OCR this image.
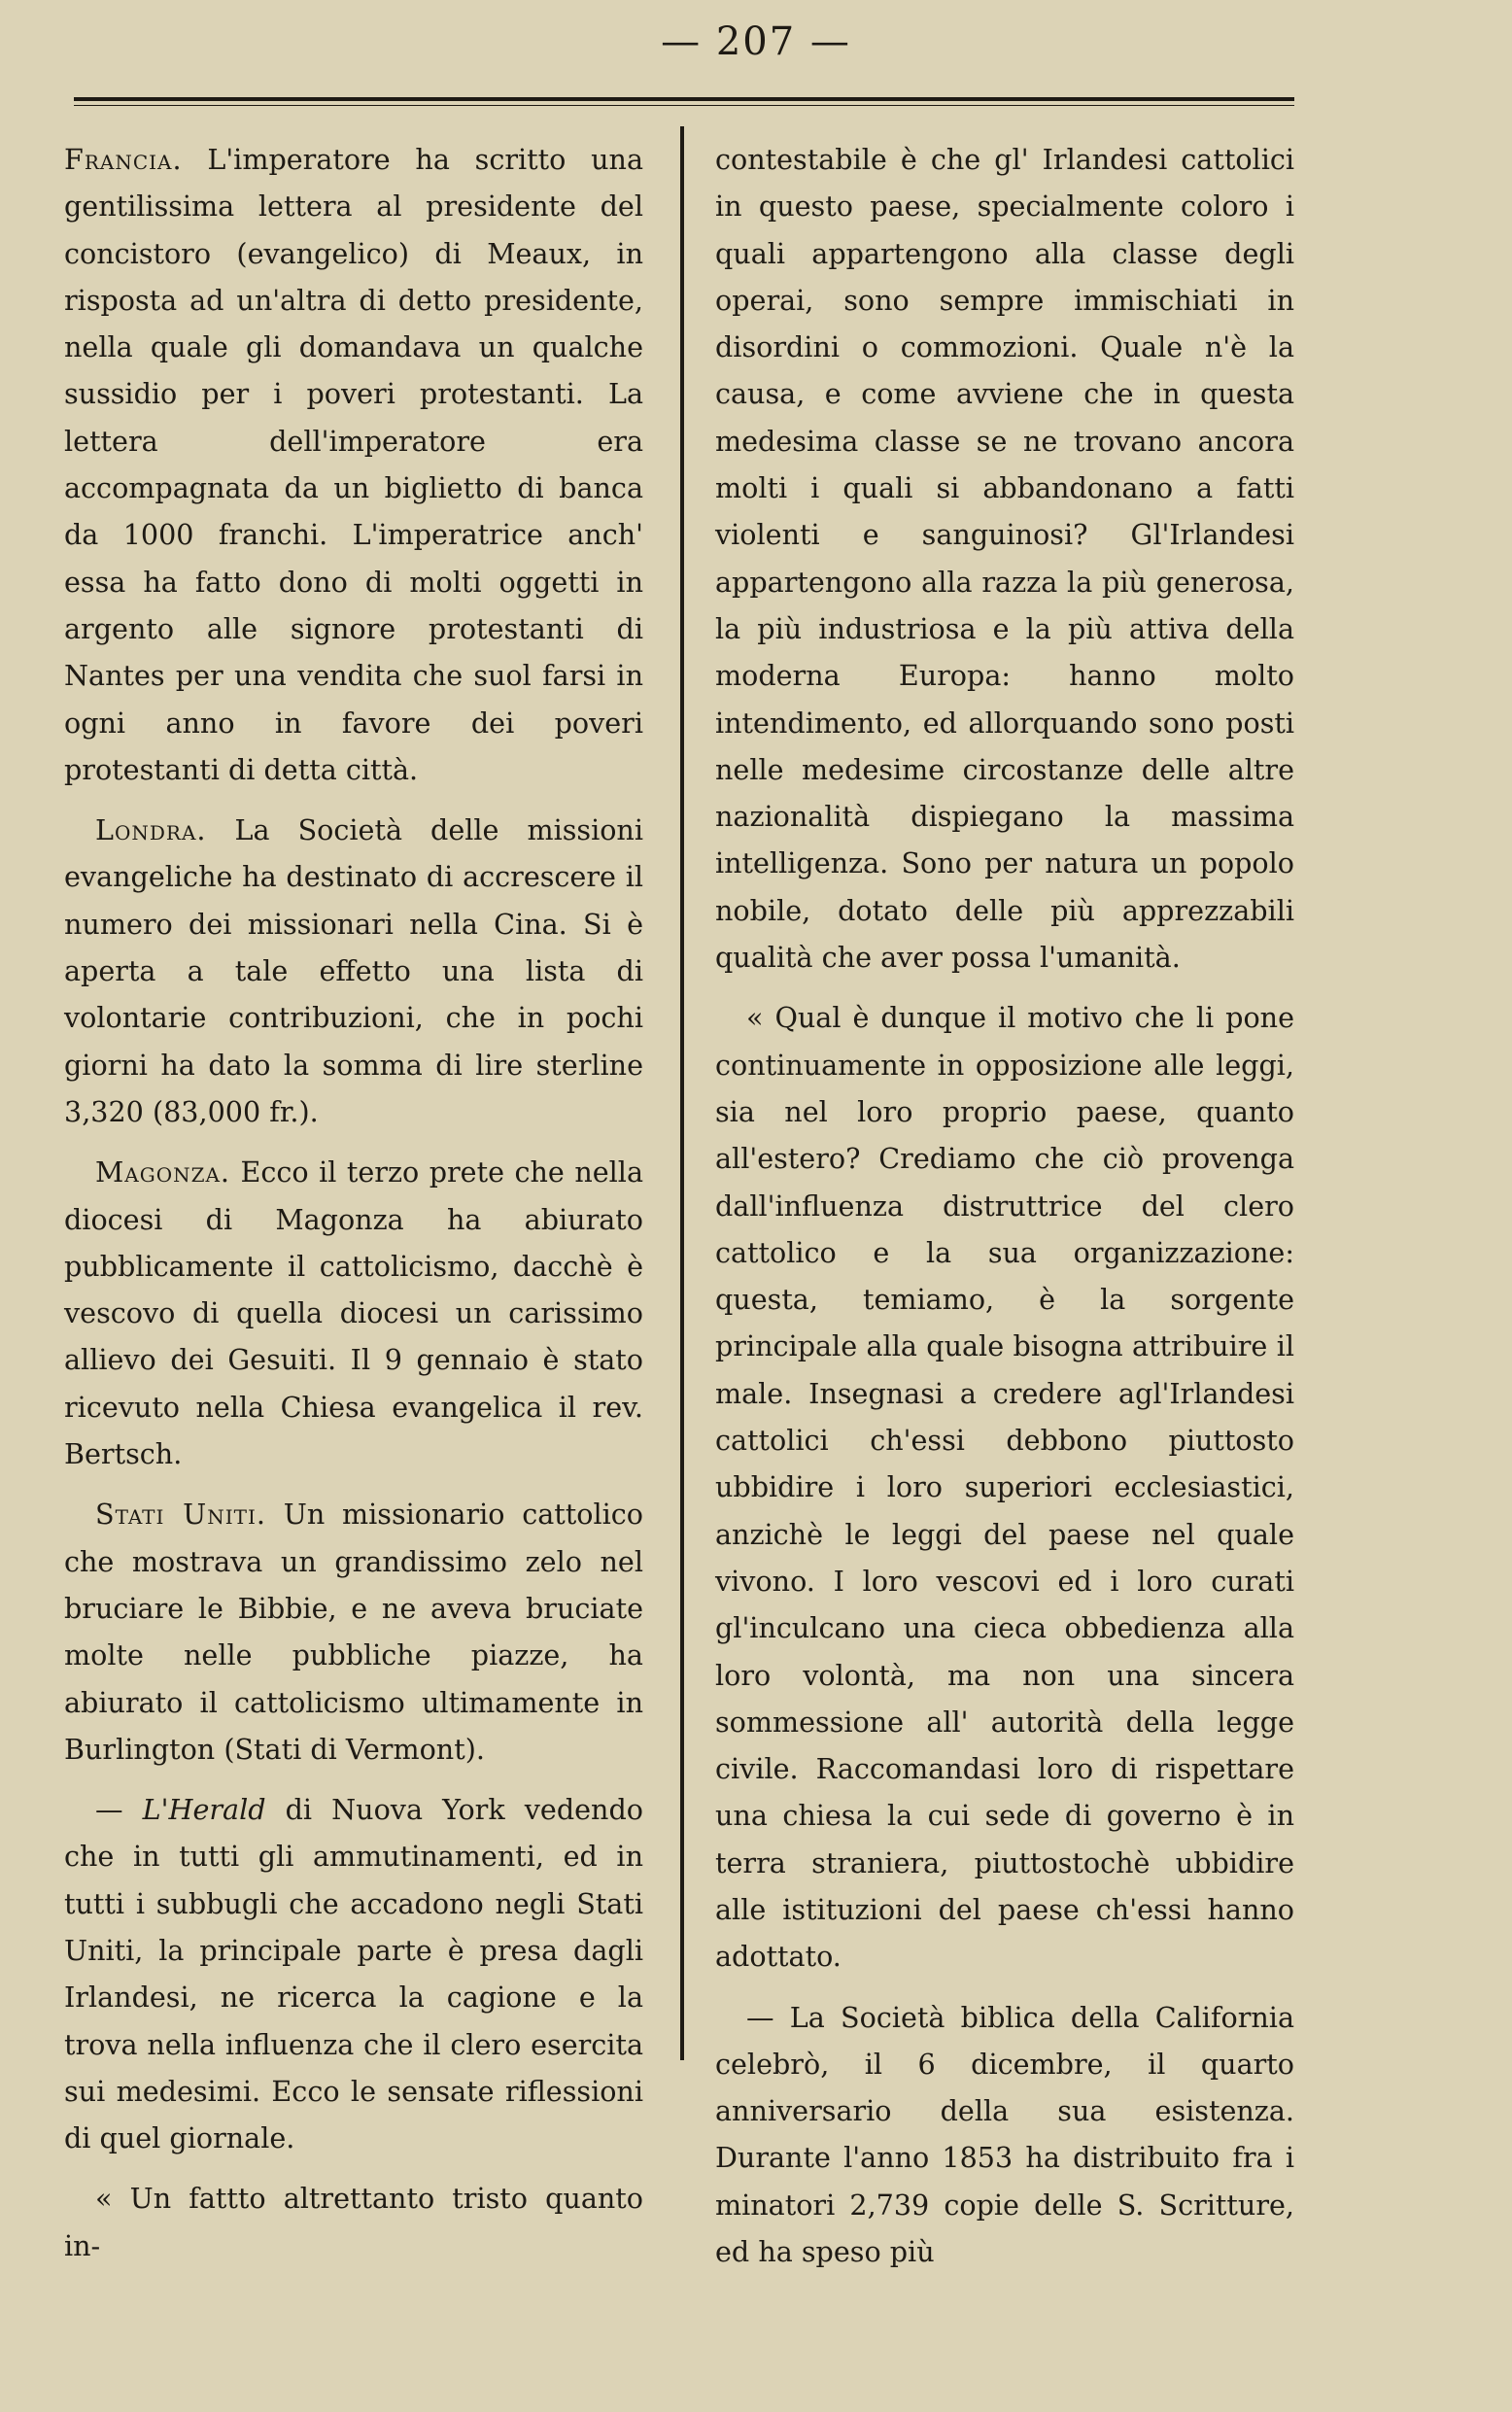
— 207 —

Francia. L'imperatore ha scritto una gentilissima lettera al presidente del concistoro (evangelico) di Meaux, in risposta ad un'altra di detto presidente, nella quale gli domandava un qualche sussidio per i poveri protestanti. La lettera dell'imperatore era accompagnata da un biglietto di banca da 1000 franchi. L'imperatrice anch' essa ha fatto dono di molti oggetti in argento alle signore protestanti di Nantes per una vendita che suol farsi in ogni anno in favore dei poveri protestanti di detta città.

Londra. La Società delle missioni evangeliche ha destinato di accrescere il numero dei missionari nella Cina. Si è aperta a tale effetto una lista di volontarie contribuzioni, che in pochi giorni ha dato la somma di lire sterline 3,320 (83,000 fr.).

Magonza. Ecco il terzo prete che nella diocesi di Magonza ha abiurato pubblicamente il cattolicismo, dacchè è vescovo di quella diocesi un carissimo allievo dei Gesuiti. Il 9 gennaio è stato ricevuto nella Chiesa evangelica il rev. Bertsch.

Stati Uniti. Un missionario cattolico che mostrava un grandissimo zelo nel bruciare le Bibbie, e ne aveva bruciate molte nelle pubbliche piazze, ha abiurato il cattolicismo ultimamente in Burlington (Stati di Vermont).

— L'Herald di Nuova York vedendo che in tutti gli ammutinamenti, ed in tutti i subbugli che accadono negli Stati Uniti, la principale parte è presa dagli Irlandesi, ne ricerca la cagione e la trova nella influenza che il clero esercita sui medesimi. Ecco le sensate riflessioni di quel giornale.

« Un fattto altrettanto tristo quanto in-

contestabile è che gl' Irlandesi cattolici in questo paese, specialmente coloro i quali appartengono alla classe degli operai, sono sempre immischiati in disordini o commozioni. Quale n'è la causa, e come avviene che in questa medesima classe se ne trovano ancora molti i quali si abbandonano a fatti violenti e sanguinosi? Gl'Irlandesi appartengono alla razza la più generosa, la più industriosa e la più attiva della moderna Europa: hanno molto intendimento, ed allorquando sono posti nelle medesime circostanze delle altre nazionalità dispiegano la massima intelligenza. Sono per natura un popolo nobile, dotato delle più apprezzabili qualità che aver possa l'umanità.

« Qual è dunque il motivo che li pone continuamente in opposizione alle leggi, sia nel loro proprio paese, quanto all'estero? Crediamo che ciò provenga dall'influenza distruttrice del clero cattolico e la sua organizzazione: questa, temiamo, è la sorgente principale alla quale bisogna attribuire il male. Insegnasi a credere agl'Irlandesi cattolici ch'essi debbono piuttosto ubbidire i loro superiori ecclesiastici, anzichè le leggi del paese nel quale vivono. I loro vescovi ed i loro curati gl'inculcano una cieca obbedienza alla loro volontà, ma non una sincera sommessione all' autorità della legge civile. Raccomandasi loro di rispettare una chiesa la cui sede di governo è in terra straniera, piuttostochè ubbidire alle istituzioni del paese ch'essi hanno adottato.

— La Società biblica della California celebrò, il 6 dicembre, il quarto anniversario della sua esistenza. Durante l'anno 1853 ha distribuito fra i minatori 2,739 copie delle S. Scritture, ed ha speso più
